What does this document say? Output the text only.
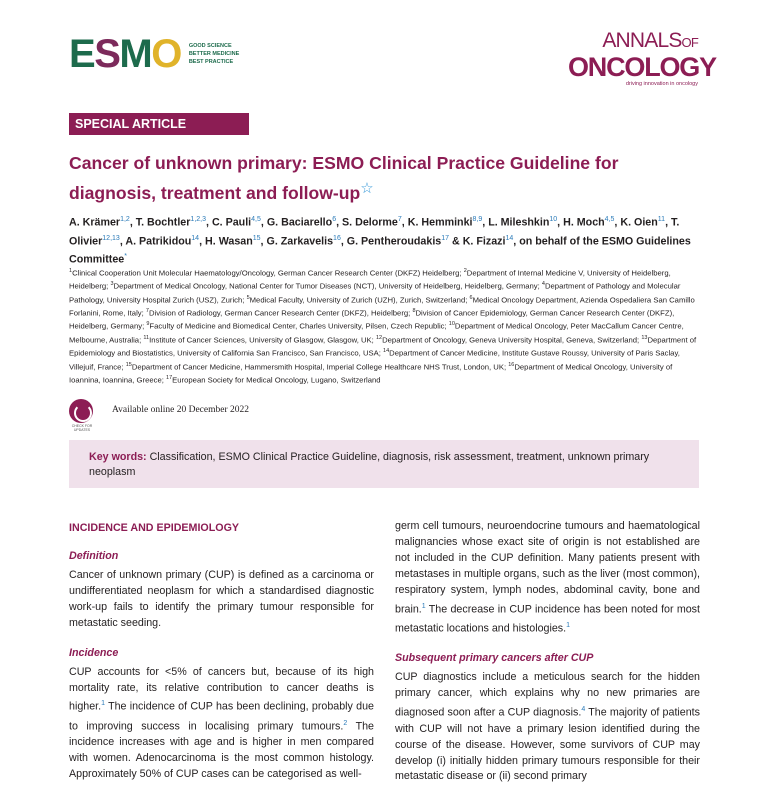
ESMO GOOD SCIENCE
BETTER MEDICINE
BEST PRACTICE
ANNALSOF
ONCOLOGY
driving innovation in oncology
SPECIAL ARTICLE
Cancer of unknown primary: ESMO Clinical Practice Guideline for diagnosis, treatment and follow-up☆
A. Krämer$^{1,2}$, T. Bochtler$^{1,2,3}$, C. Pauli$^{4,5}$, G. Baciarello$^6$, S. Delorme$^7$, K. Hemminki$^{8,9}$, L. Mileshkin$^{10}$, H. Moch$^{4,5}$, K. Oien$^{11}$, T. Olivier$^{12,13}$, A. Patrikidou$^{14}$, H. Wasan$^{15}$, G. Zarkavelis$^{16}$, G. Pentheroudakis$^{17}$ & K. Fizazi$^{14}$, on behalf of the ESMO Guidelines Committee*
$^1$Clinical Cooperation Unit Molecular Haematology/Oncology, German Cancer Research Center (DKFZ) Heidelberg; $^2$Department of Internal Medicine V, University of Heidelberg, Heidelberg; $^3$Department of Medical Oncology, National Center for Tumor Diseases (NCT), University of Heidelberg, Heidelberg, Germany; $^4$Department of Pathology and Molecular Pathology, University Hospital Zurich (USZ), Zurich; $^5$Medical Faculty, University of Zurich (UZH), Zurich, Switzerland; $^6$Medical Oncology Department, Azienda Ospedaliera San Camillo Forlanini, Rome, Italy; $^7$Division of Radiology, German Cancer Research Center (DKFZ), Heidelberg; $^8$Division of Cancer Epidemiology, German Cancer Research Center (DKFZ), Heidelberg, Germany; $^9$Faculty of Medicine and Biomedical Center, Charles University, Pilsen, Czech Republic; $^{10}$Department of Medical Oncology, Peter MacCallum Cancer Centre, Melbourne, Australia; $^{11}$Institute of Cancer Sciences, University of Glasgow, Glasgow, UK; $^{12}$Department of Oncology, Geneva University Hospital, Geneva, Switzerland; $^{13}$Department of Epidemiology and Biostatistics, University of California San Francisco, San Francisco, USA; $^{14}$Department of Cancer Medicine, Institute Gustave Roussy, University of Paris Saclay, Villejuif, France; $^{15}$Department of Cancer Medicine, Hammersmith Hospital, Imperial College Healthcare NHS Trust, London, UK; $^{16}$Department of Medical Oncology, University of Ioannina, Ioannina, Greece; $^{17}$European Society for Medical Oncology, Lugano, Switzerland
CHECK FOR UPDATES
Available online 20 December 2022
Key words: Classification, ESMO Clinical Practice Guideline, diagnosis, risk assessment, treatment, unknown primary neoplasm
INCIDENCE AND EPIDEMIOLOGY
Definition
Cancer of unknown primary (CUP) is defined as a carcinoma or undifferentiated neoplasm for which a standardised diagnostic work-up fails to identify the primary tumour responsible for metastatic seeding.
Incidence
CUP accounts for <5% of cancers but, because of its high mortality rate, its relative contribution to cancer deaths is higher.$^1$ The incidence of CUP has been declining, probably due to improving success in localising primary tumours.$^2$ The incidence increases with age and is higher in men compared with women. Adenocarcinoma is the most common histology. Approximately 50% of CUP cases can be categorised as well-
germ cell tumours, neuroendocrine tumours and haematological malignancies whose exact site of origin is not established are not included in the CUP definition. Many patients present with metastases in multiple organs, such as the liver (most common), respiratory system, lymph nodes, abdominal cavity, bone and brain.$^1$ The decrease in CUP incidence has been noted for most metastatic locations and histologies.$^1$
Subsequent primary cancers after CUP
CUP diagnostics include a meticulous search for the hidden primary cancer, which explains why no new primaries are diagnosed soon after a CUP diagnosis.$^4$ The majority of patients with CUP will not have a primary lesion identified during the course of the disease. However, some survivors of CUP may develop (i) initially hidden primary tumours responsible for their metastatic disease or (ii) second primary
